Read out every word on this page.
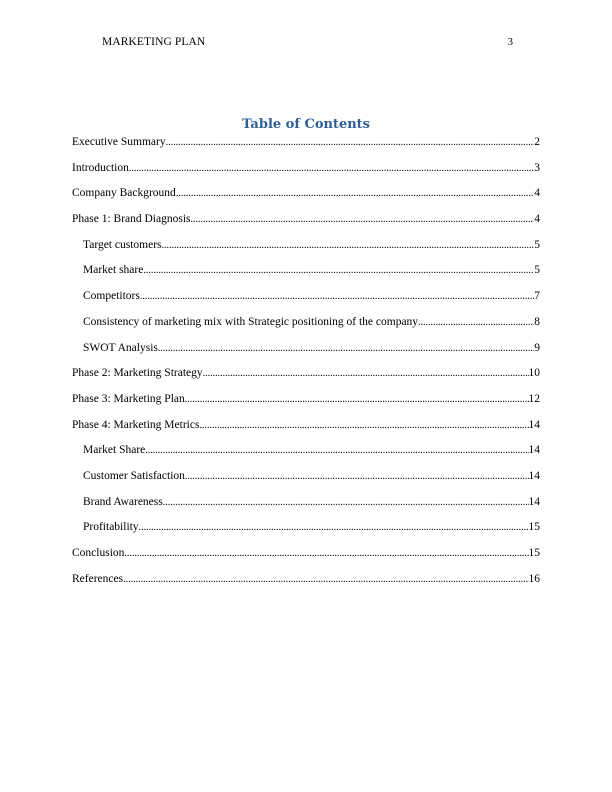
MARKETING PLAN	3
Table of Contents
Executive Summary .....	2
Introduction .....	3
Company Background .....	4
Phase 1: Brand Diagnosis .....	4
Target customers .....	5
Market share .....	5
Competitors .....	7
Consistency of marketing mix with Strategic positioning of the company .....	8
SWOT Analysis .....	9
Phase 2: Marketing Strategy .....	10
Phase 3: Marketing Plan .....	12
Phase 4: Marketing Metrics .....	14
Market Share .....	14
Customer Satisfaction .....	14
Brand Awareness .....	14
Profitability .....	15
Conclusion .....	15
References .....	16
